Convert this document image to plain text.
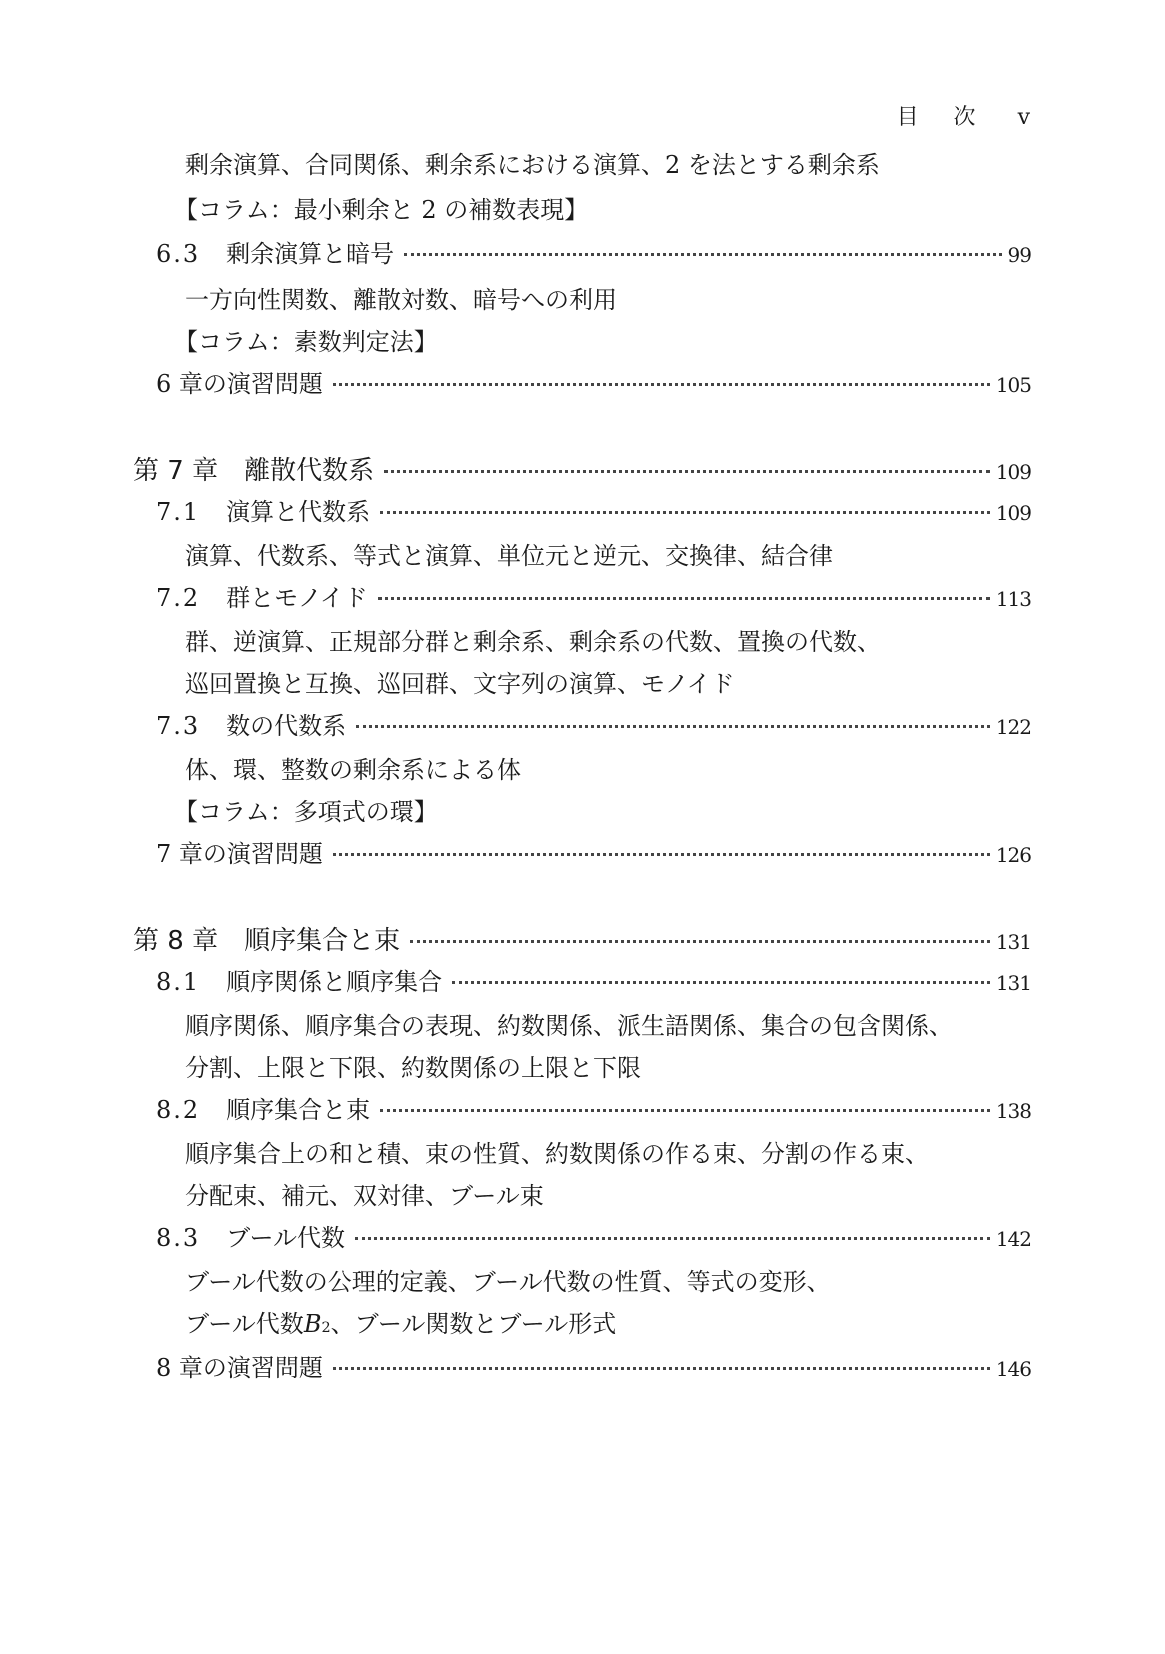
目 次 v
剰余演算、合同関係、剰余系における演算、2 を法とする剰余系
【コラム：最小剰余と 2 の補数表現】
6.3 剰余演算と暗号	99
一方向性関数、離散対数、暗号への利用
【コラム：素数判定法】
6 章の演習問題	105
第 7 章 離散代数系	109
7.1 演算と代数系	109
演算、代数系、等式と演算、単位元と逆元、交換律、結合律
7.2 群とモノイド	113
群、逆演算、正規部分群と剰余系、剰余系の代数、置換の代数、
巡回置換と互換、巡回群、文字列の演算、モノイド
7.3 数の代数系	122
体、環、整数の剰余系による体
【コラム：多項式の環】
7 章の演習問題	126
第 8 章 順序集合と束	131
8.1 順序関係と順序集合	131
順序関係、順序集合の表現、約数関係、派生語関係、集合の包含関係、
分割、上限と下限、約数関係の上限と下限
8.2 順序集合と束	138
順序集合上の和と積、束の性質、約数関係の作る束、分割の作る束、
分配束、補元、双対律、ブール束
8.3 ブール代数	142
ブール代数の公理的定義、ブール代数の性質、等式の変形、
ブール代数 B 2 、ブール関数とブール形式
8 章の演習問題	146
